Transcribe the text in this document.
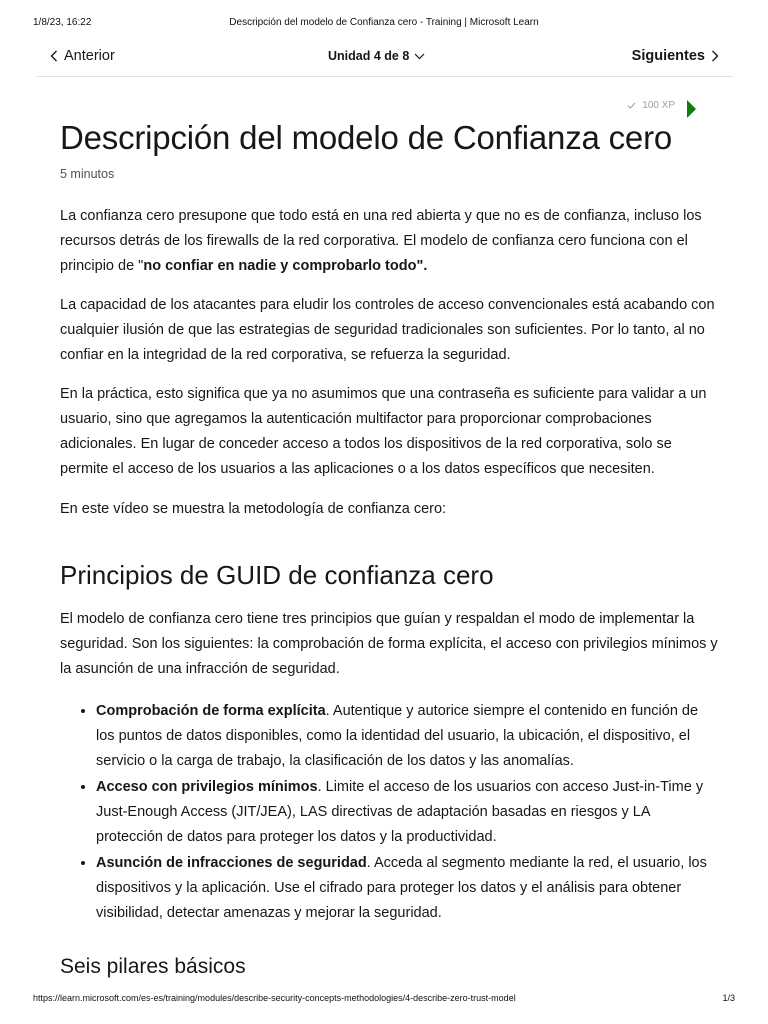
1/8/23, 16:22	Descripción del modelo de Confianza cero - Training | Microsoft Learn
Anterior	Unidad 4 de 8	Siguientes
100 XP
Descripción del modelo de Confianza cero
5 minutos

La confianza cero presupone que todo está en una red abierta y que no es de confianza, incluso los recursos detrás de los firewalls de la red corporativa. El modelo de confianza cero funciona con el principio de "no confiar en nadie y comprobarlo todo".

La capacidad de los atacantes para eludir los controles de acceso convencionales está acabando con cualquier ilusión de que las estrategias de seguridad tradicionales son suficientes. Por lo tanto, al no confiar en la integridad de la red corporativa, se refuerza la seguridad.

En la práctica, esto significa que ya no asumimos que una contraseña es suficiente para validar a un usuario, sino que agregamos la autenticación multifactor para proporcionar comprobaciones adicionales. En lugar de conceder acceso a todos los dispositivos de la red corporativa, solo se permite el acceso de los usuarios a las aplicaciones o a los datos específicos que necesiten.

En este vídeo se muestra la metodología de confianza cero:

Principios de GUID de confianza cero

El modelo de confianza cero tiene tres principios que guían y respaldan el modo de implementar la seguridad. Son los siguientes: la comprobación de forma explícita, el acceso con privilegios mínimos y la asunción de una infracción de seguridad.

• Comprobación de forma explícita. Autentique y autorice siempre el contenido en función de los puntos de datos disponibles, como la identidad del usuario, la ubicación, el dispositivo, el servicio o la carga de trabajo, la clasificación de los datos y las anomalías.
• Acceso con privilegios mínimos. Limite el acceso de los usuarios con acceso Just-in-Time y Just-Enough Access (JIT/JEA), LAS directivas de adaptación basadas en riesgos y LA protección de datos para proteger los datos y la productividad.
• Asunción de infracciones de seguridad. Acceda al segmento mediante la red, el usuario, los dispositivos y la aplicación. Use el cifrado para proteger los datos y el análisis para obtener visibilidad, detectar amenazas y mejorar la seguridad.
Seis pilares básicos
https://learn.microsoft.com/es-es/training/modules/describe-security-concepts-methodologies/4-describe-zero-trust-model	1/3
